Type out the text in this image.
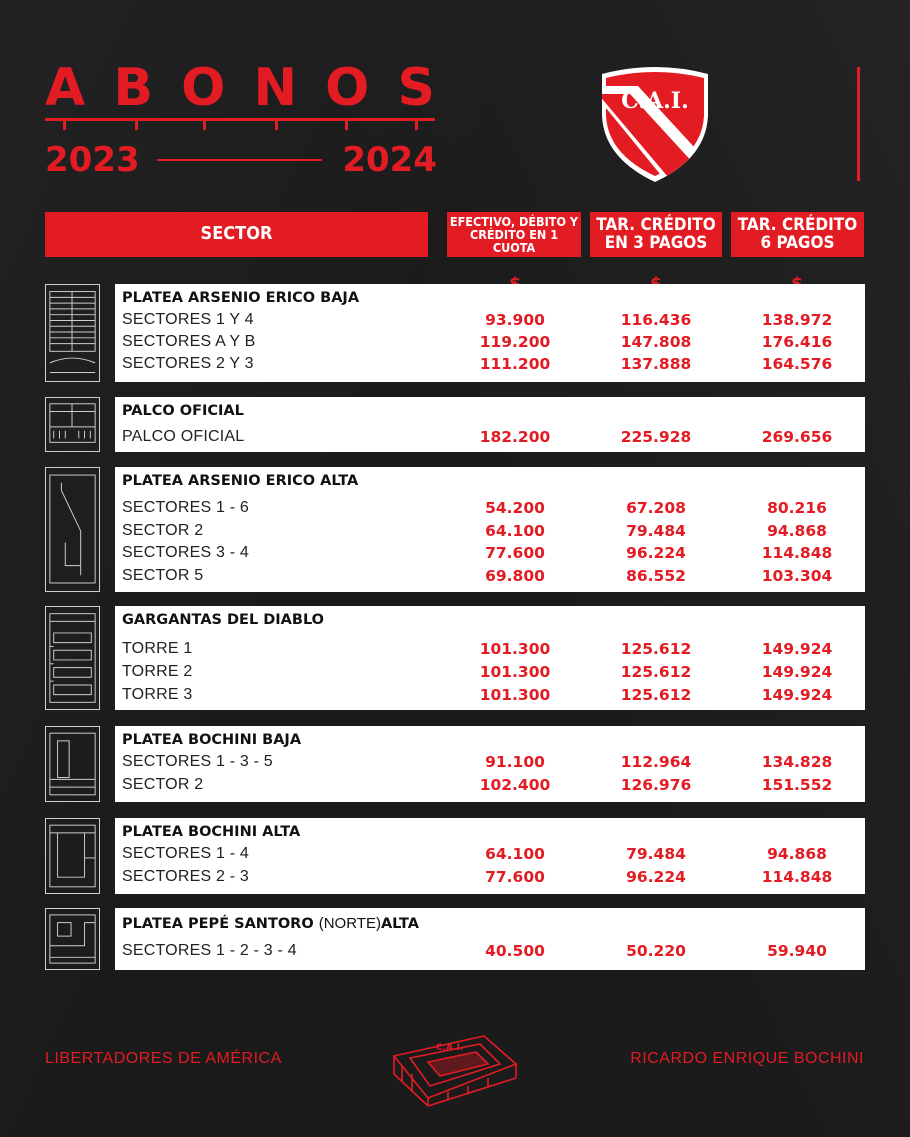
A B O N O S
2023	2024
C.A.I.
SECTOR
EFECTIVO, DÉBITO Y
CRÉDITO EN 1 CUOTA
TAR. CRÉDITO
EN 3 PAGOS
TAR. CRÉDITO
6 PAGOS
PLATEA ARSENIO ERICO BAJA
SECTORES 1 Y 4	93.900	116.436	138.972
SECTORES A Y B	119.200	147.808	176.416
SECTORES 2 Y 3	111.200	137.888	164.576
PALCO OFICIAL
PALCO OFICIAL	182.200	225.928	269.656
PLATEA ARSENIO ERICO ALTA
SECTORES 1 - 6	54.200	67.208	80.216
SECTOR 2	64.100	79.484	94.868
SECTORES 3 - 4	77.600	96.224	114.848
SECTOR 5	69.800	86.552	103.304
GARGANTAS DEL DIABLO
TORRE 1	101.300	125.612	149.924
TORRE 2	101.300	125.612	149.924
TORRE 3	101.300	125.612	149.924
PLATEA BOCHINI BAJA
SECTORES 1 - 3 - 5	91.100	112.964	134.828
SECTOR 2	102.400	126.976	151.552
PLATEA BOCHINI ALTA
SECTORES 1 - 4	64.100	79.484	94.868
SECTORES 2 - 3	77.600	96.224	114.848
PLATEA PEPÉ SANTORO (NORTE)ALTA
SECTORES 1 - 2 - 3 - 4	40.500	50.220	59.940
LIBERTADORES DE AMÉRICA	RICARDO ENRIQUE BOCHINI
C.A.I.
